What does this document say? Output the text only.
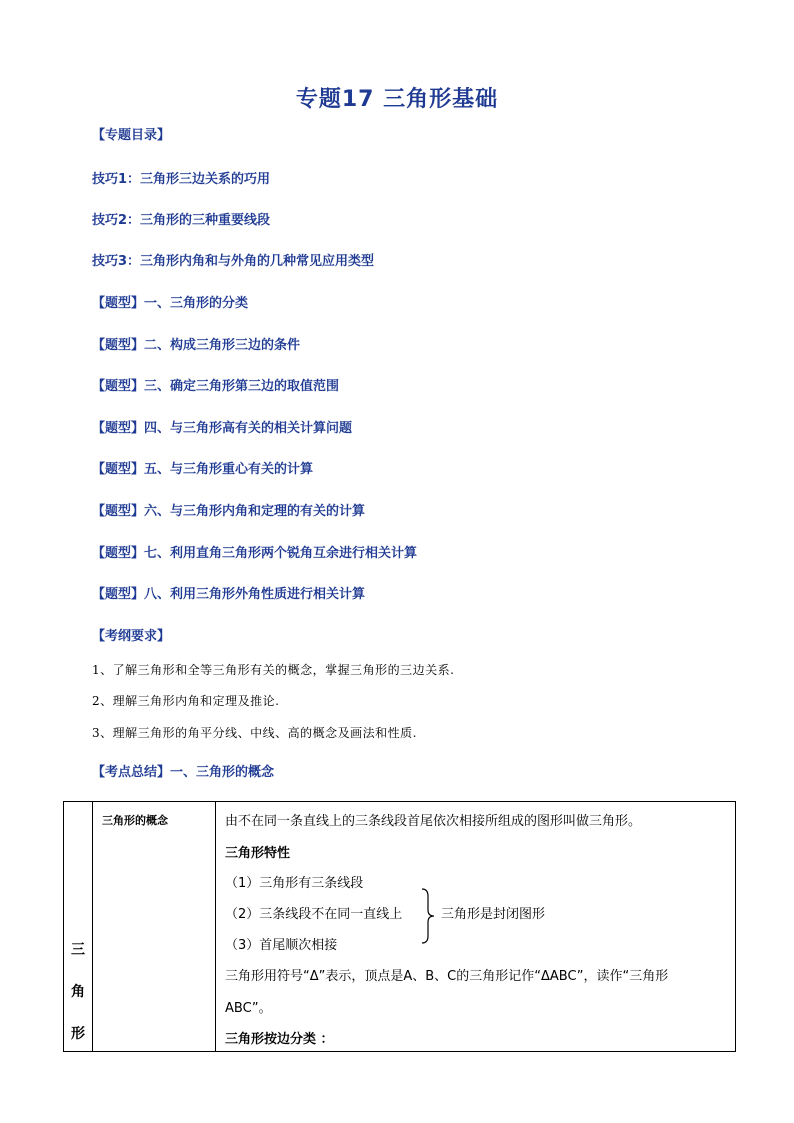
专题17 三角形基础
【专题目录】
技巧1：三角形三边关系的巧用
技巧2：三角形的三种重要线段
技巧3：三角形内角和与外角的几种常见应用类型
【题型】一、三角形的分类
【题型】二、构成三角形三边的条件
【题型】三、确定三角形第三边的取值范围
【题型】四、与三角形高有关的相关计算问题
【题型】五、与三角形重心有关的计算
【题型】六、与三角形内角和定理的有关的计算
【题型】七、利用直角三角形两个锐角互余进行相关计算
【题型】八、利用三角形外角性质进行相关计算
【考纲要求】
1、了解三角形和全等三角形有关的概念，掌握三角形的三边关系.
2、理解三角形内角和定理及推论.
3、理解三角形的角平分线、中线、高的概念及画法和性质.
【考点总结】一、三角形的概念
三
角
形
三角形的概念	由不在同一条直线上的三条线段首尾依次相接所组成的图形叫做三角形。
三角形特性
（1）三角形有三条线段
（2）三条线段不在同一直线上
（3）首尾顺次相接
三角形是封闭图形
三角形用符号“Δ”表示，顶点是A、B、C的三角形记作“ΔABC”，读作“三角形
ABC”。
三角形按边分类 ：
